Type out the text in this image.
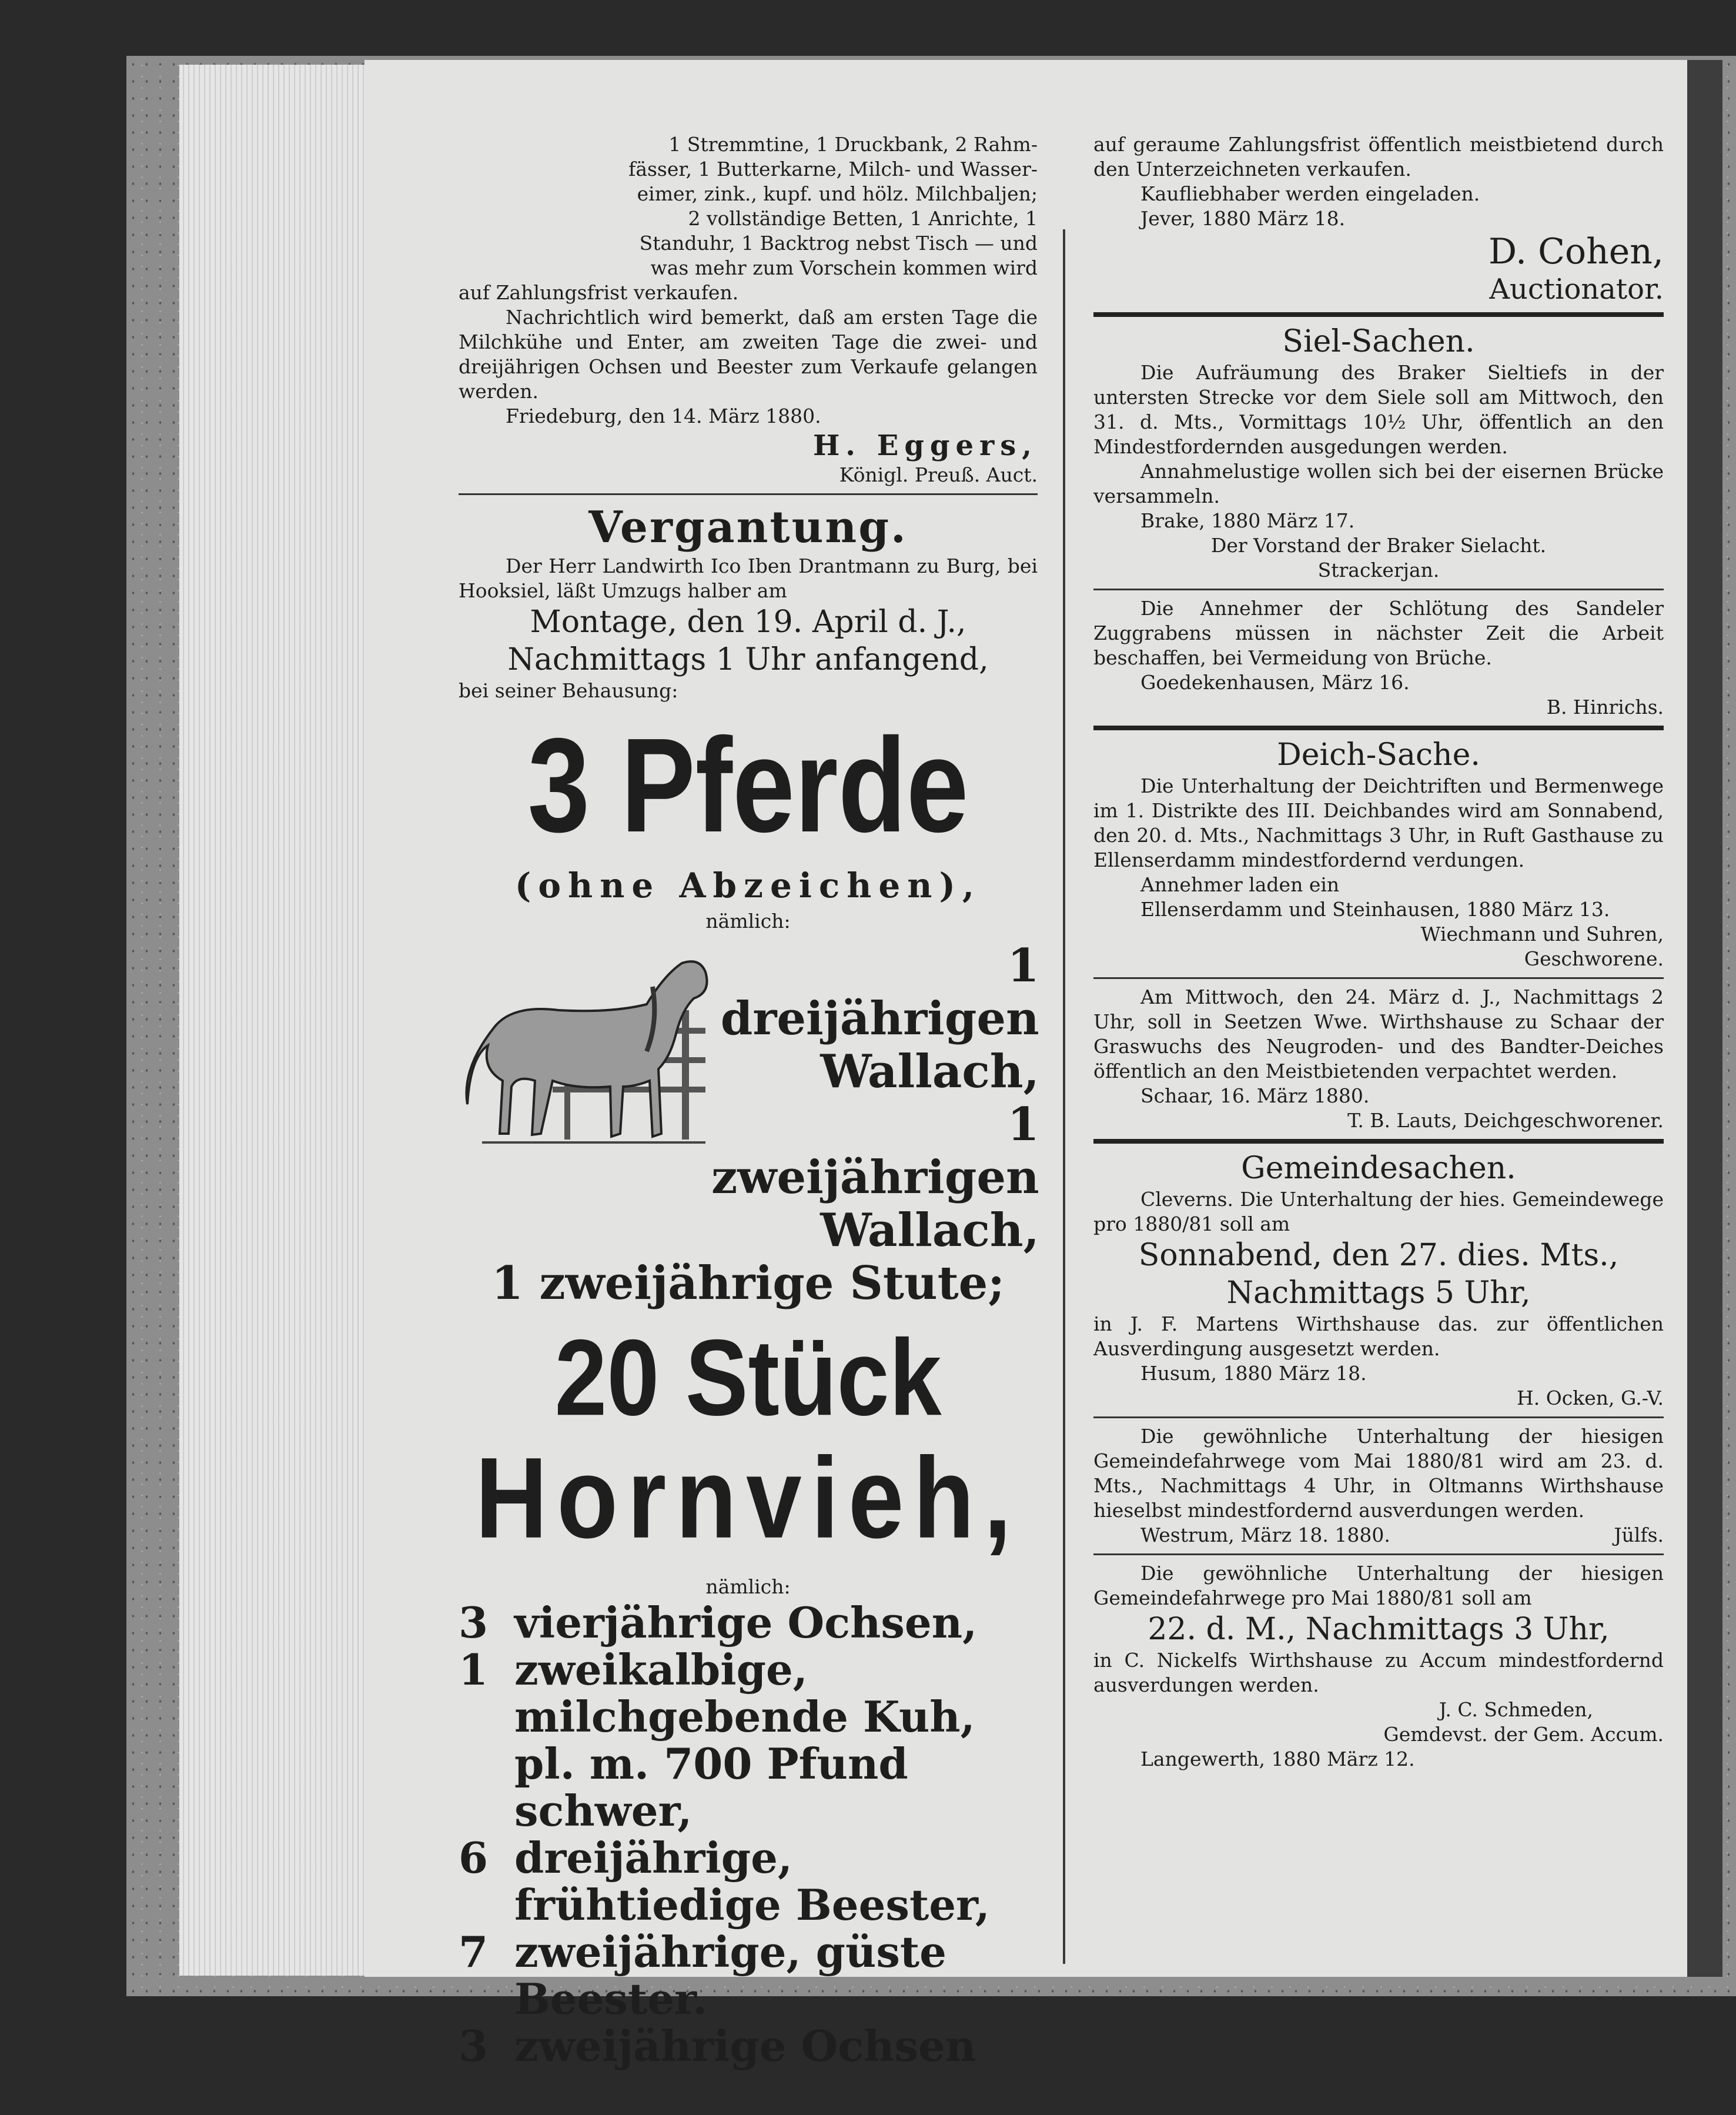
1 Stremmtine, 1 Druckbank, 2 Rahm-

fässer, 1 Butterkarne, Milch- und Wasser-

eimer, zink., kupf. und hölz. Milchbaljen;

2 vollständige Betten, 1 Anrichte, 1

Standuhr, 1 Backtrog nebst Tisch — und

was mehr zum Vorschein kommen wird

auf Zahlungsfrist verkaufen.

Nachrichtlich wird bemerkt, daß am ersten Tage die Milchkühe und Enter, am zweiten Tage die zwei- und dreijährigen Ochsen und Beester zum Verkaufe gelangen werden.

Friedeburg, den 14. März 1880.

H. Eggers,

Königl. Preuß. Auct.

Vergantung.

Der Herr Landwirth Ico Iben Drantmann zu Burg, bei Hooksiel, läßt Umzugs halber am

Montage, den 19. April d. J.,

Nachmittags 1 Uhr anfangend,

bei seiner Behausung:

3 Pferde

(ohne Abzeichen),

nämlich:

1 dreijährigen

Wallach,

1 zweijährigen

Wallach,

1 zweijährige Stute;

20 Stück

Hornvieh,

nämlich:

3 vierjährige Ochsen,
1 zweikalbige, milchgebende Kuh, pl. m. 700 Pfund schwer,
6 dreijährige, frühtiedige Beester,
7 zweijährige, güste Beester.
3 zweijährige Ochsen

auf geraume Zahlungsfrist öffentlich meistbietend durch den Unterzeichneten verkaufen.

Kaufliebhaber werden eingeladen.

Jever, 1880 März 18.

D. Cohen,

Auctionator.

Siel-Sachen.

Die Aufräumung des Braker Sieltiefs in der untersten Strecke vor dem Siele soll am Mittwoch, den 31. d. Mts., Vormittags 10½ Uhr, öffentlich an den Mindestfordernden ausgedungen werden.

Annahmelustige wollen sich bei der eisernen Brücke versammeln.

Brake, 1880 März 17.

Der Vorstand der Braker Sielacht.

Strackerjan.

Die Annehmer der Schlötung des Sandeler Zuggrabens müssen in nächster Zeit die Arbeit beschaffen, bei Vermeidung von Brüche.

Goedekenhausen, März 16.

B. Hinrichs.

Deich-Sache.

Die Unterhaltung der Deichtriften und Bermenwege im 1. Distrikte des III. Deichbandes wird am Sonnabend, den 20. d. Mts., Nachmittags 3 Uhr, in Ruft Gasthause zu Ellenserdamm mindestfordernd verdungen.

Annehmer laden ein

Ellenserdamm und Steinhausen, 1880 März 13.

Wiechmann und Suhren,

Geschworene.

Am Mittwoch, den 24. März d. J., Nachmittags 2 Uhr, soll in Seetzen Wwe. Wirthshause zu Schaar der Graswuchs des Neugroden- und des Bandter-Deiches öffentlich an den Meistbietenden verpachtet werden.

Schaar, 16. März 1880.

T. B. Lauts, Deichgeschworener.

Gemeindesachen.

Cleverns. Die Unterhaltung der hies. Gemeindewege pro 1880/81 soll am

Sonnabend, den 27. dies. Mts.,

Nachmittags 5 Uhr,

in J. F. Martens Wirthshause das. zur öffentlichen Ausverdingung ausgesetzt werden.

Husum, 1880 März 18.

H. Ocken, G.-V.

Die gewöhnliche Unterhaltung der hiesigen Gemeindefahrwege vom Mai 1880/81 wird am 23. d. Mts., Nachmittags 4 Uhr, in Oltmanns Wirthshause hieselbst mindestfordernd ausverdungen werden.

Westrum, März 18. 1880.	Jülfs.

Die gewöhnliche Unterhaltung der hiesigen Gemeindefahrwege pro Mai 1880/81 soll am

22. d. M., Nachmittags 3 Uhr,

in C. Nickelfs Wirthshause zu Accum mindestfordernd ausverdungen werden.

J. C. Schmeden,

Gemdevst. der Gem. Accum.

Langewerth, 1880 März 12.
